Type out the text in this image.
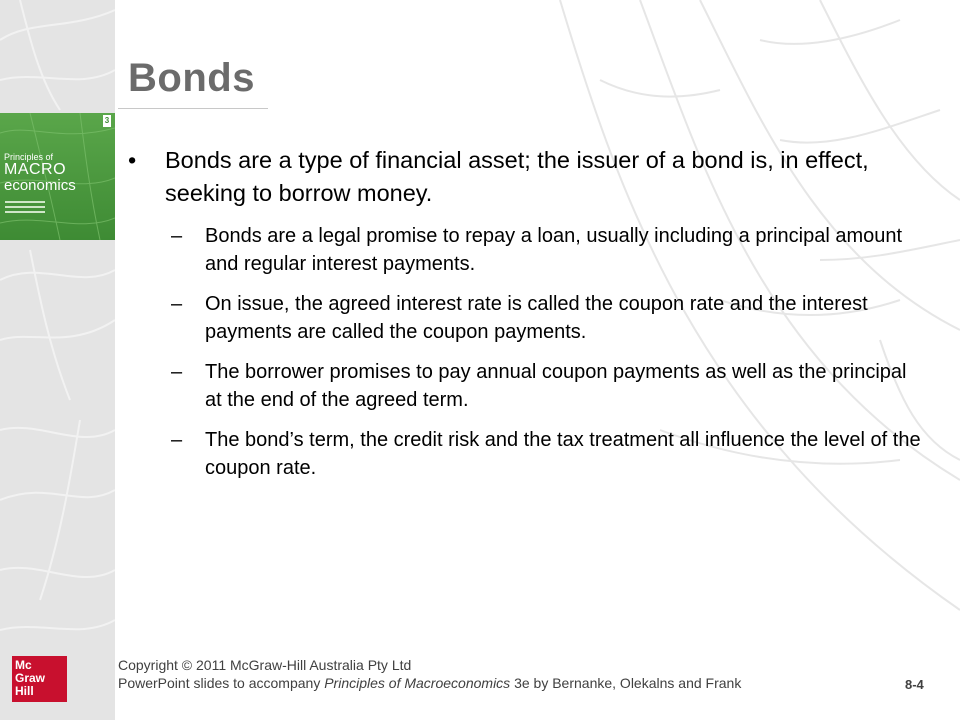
3
Principles of
MACRO
economics
Bonds
• Bonds are a type of financial asset; the issuer of a bond is, in effect, seeking to borrow money.
– Bonds are a legal promise to repay a loan, usually including a principal amount and regular interest payments.
– On issue, the agreed interest rate is called the coupon rate and the interest payments are called the coupon payments.
– The borrower promises to pay annual coupon payments as well as the principal at the end of the agreed term.
– The bond’s term, the credit risk and the tax treatment all influence the level of the coupon rate.
Mc
Graw
Hill
Copyright © 2011 McGraw-Hill Australia Pty Ltd
PowerPoint slides to accompany Principles of Macroeconomics 3e by Bernanke, Olekalns and Frank	8-4
